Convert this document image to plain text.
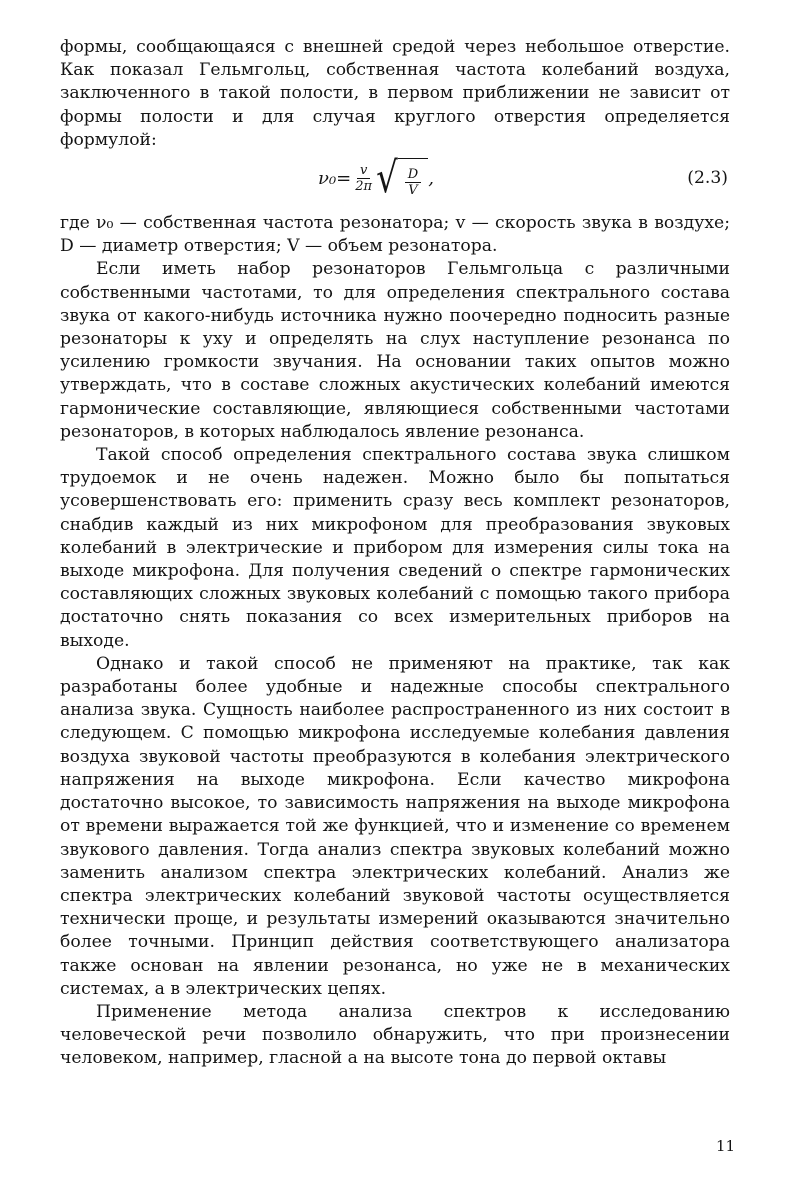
формы, сообщающаяся с внешней средой через небольшое отверстие. Как показал Гельмгольц, собственная частота колебаний воздуха, заключенного в такой полости, в первом приближении не зависит от формы полости и для случая круглого отверстия определяется формулой:

$\nu_0= \frac{v}{2\pi}$ √ $\frac{D}{V}$ ,	(2.3)

где ν₀ — собственная частота резонатора; v — скорость звука в воздухе; D — диаметр отверстия; V — объем резонатора.

Если иметь набор резонаторов Гельмгольца с различными собственными частотами, то для определения спектрального состава звука от какого-нибудь источника нужно поочередно подносить разные резонаторы к уху и определять на слух наступление резонанса по усилению громкости звучания. На основании таких опытов можно утверждать, что в составе сложных акустических колебаний имеются гармонические составляющие, являющиеся собственными частотами резонаторов, в которых наблюдалось явление резонанса.

Такой способ определения спектрального состава звука слишком трудоемок и не очень надежен. Можно было бы попытаться усовершенствовать его: применить сразу весь комплект резонаторов, снабдив каждый из них микрофоном для преобразования звуковых колебаний в электрические и прибором для измерения силы тока на выходе микрофона. Для получения сведений о спектре гармонических составляющих сложных звуковых колебаний с помощью такого прибора достаточно снять показания со всех измерительных приборов на выходе.

Однако и такой способ не применяют на практике, так как разработаны более удобные и надежные способы спектрального анализа звука. Сущность наиболее распространенного из них состоит в следующем. С помощью микрофона исследуемые колебания давления воздуха звуковой частоты преобразуются в колебания электрического напряжения на выходе микрофона. Если качество микрофона достаточно высокое, то зависимость напряжения на выходе микрофона от времени выражается той же функцией, что и изменение со временем звукового давления. Тогда анализ спектра звуковых колебаний можно заменить анализом спектра электрических колебаний. Анализ же спектра электрических колебаний звуковой частоты осуществляется технически проще, и результаты измерений оказываются значительно более точными. Принцип действия соответствующего анализатора также основан на явлении резонанса, но уже не в механических системах, а в электрических цепях.

Применение метода анализа спектров к исследованию человеческой речи позволило обнаружить, что при произнесении человеком, например, гласной а на высоте тона до первой октавы

11
